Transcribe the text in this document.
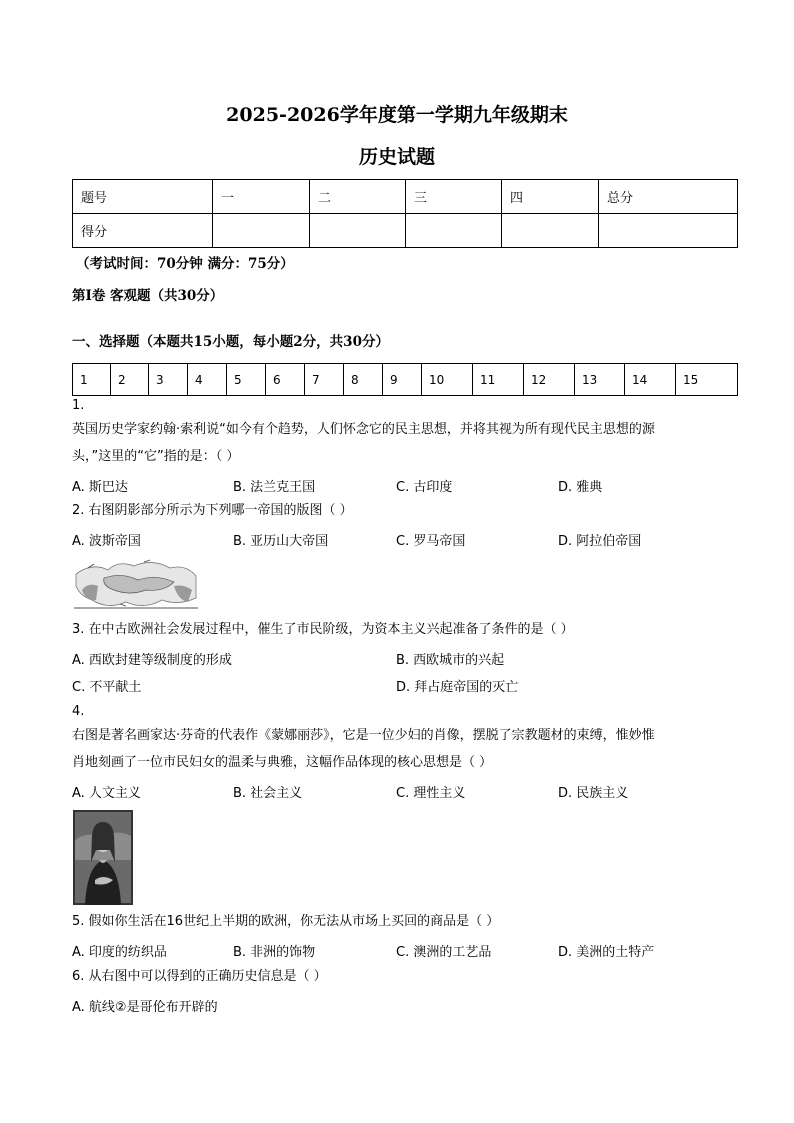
2025-2026学年度第一学期九年级期末
历史试题
题号	一	二	三	四	总分
得分					
（考试时间：70分钟 满分：75分）
第Ⅰ卷 客观题（共30分）
一、选择题（本题共15小题，每小题2分，共30分）
1	2	3	4	5	6	7	8	9	10	11	12	13	14	15
1.
英国历史学家约翰·索利说“如今有个趋势，人们怀念它的民主思想，并将其视为所有现代民主思想的源
头，”这里的“它”指的是：（ ）
A. 斯巴达	B. 法兰克王国	C. 古印度	D. 雅典
2. 右图阴影部分所示为下列哪一帝国的版图（ ）
A. 波斯帝国	B. 亚历山大帝国	C. 罗马帝国	D. 阿拉伯帝国
3. 在中古欧洲社会发展过程中，催生了市民阶级，为资本主义兴起准备了条件的是（ ）
A. 西欧封建等级制度的形成	B. 西欧城市的兴起
C. 不平献土	D. 拜占庭帝国的灭亡
4.
右图是著名画家达·芬奇的代表作《蒙娜丽莎》，它是一位少妇的肖像，摆脱了宗教题材的束缚，惟妙惟
肖地刻画了一位市民妇女的温柔与典雅，这幅作品体现的核心思想是（ ）
A. 人文主义	B. 社会主义	C. 理性主义	D. 民族主义
5. 假如你生活在16世纪上半期的欧洲，你无法从市场上买回的商品是（ ）
A. 印度的纺织品	B. 非洲的饰物	C. 澳洲的工艺品	D. 美洲的土特产
6. 从右图中可以得到的正确历史信息是（ ）
A. 航线②是哥伦布开辟的
